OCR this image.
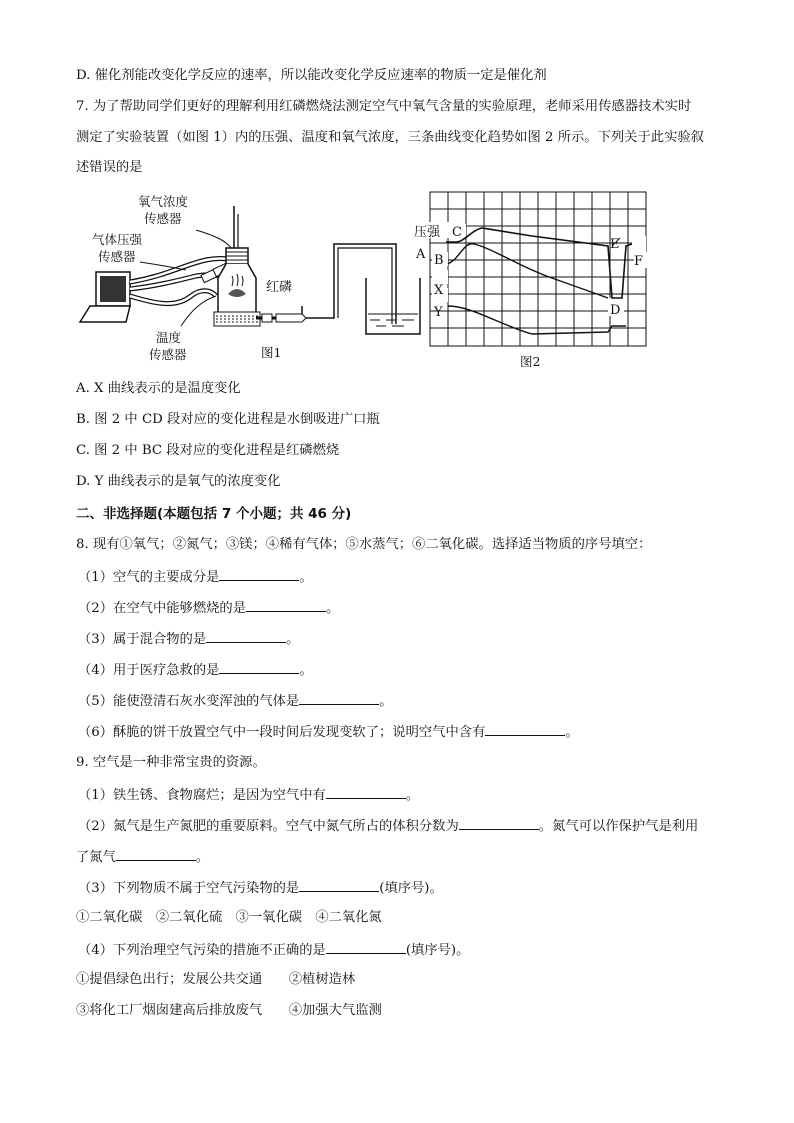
D. 催化剂能改变化学反应的速率，所以能改变化学反应速率的物质一定是催化剂
7. 为了帮助同学们更好的理解利用红磷燃烧法测定空气中氧气含量的实验原理，老师采用传感器技术实时
测定了实验装置（如图 1）内的压强、温度和氧气浓度，三条曲线变化趋势如图 2 所示。下列关于此实验叙
述错误的是
氧气浓度
传感器
气体压强
传感器
红磷
温度
传感器	图1
压强
A
C
B
X
Y	D
E
F
图2
A. X 曲线表示的是温度变化
B. 图 2 中 CD 段对应的变化进程是水倒吸进广口瓶
C. 图 2 中 BC 段对应的变化进程是红磷燃烧
D. Y 曲线表示的是氧气的浓度变化
二、非选择题(本题包括 7 个小题；共 46 分)
8. 现有①氧气；②氮气；③镁；④稀有气体；⑤水蒸气；⑥二氧化碳。选择适当物质的序号填空：
（1）空气的主要成分是	。
（2）在空气中能够燃烧的是	。
（3）属于混合物的是	。
（4）用于医疗急救的是	。
（5）能使澄清石灰水变浑浊的气体是	。
（6）酥脆的饼干放置空气中一段时间后发现变软了；说明空气中含有	。
9. 空气是一种非常宝贵的资源。
（1）铁生锈、食物腐烂；是因为空气中有	。
（2）氮气是生产氮肥的重要原料。空气中氮气所占的体积分数为	。氮气可以作保护气是利用
了氮气	。
（3）下列物质不属于空气污染物的是	(填序号)。
①二氧化碳　②二氧化硫　③一氧化碳　④二氧化氮
（4）下列治理空气污染的措施不正确的是	(填序号)。
①提倡绿色出行；发展公共交通　　②植树造林
③将化工厂烟囱建高后排放废气　　④加强大气监测
